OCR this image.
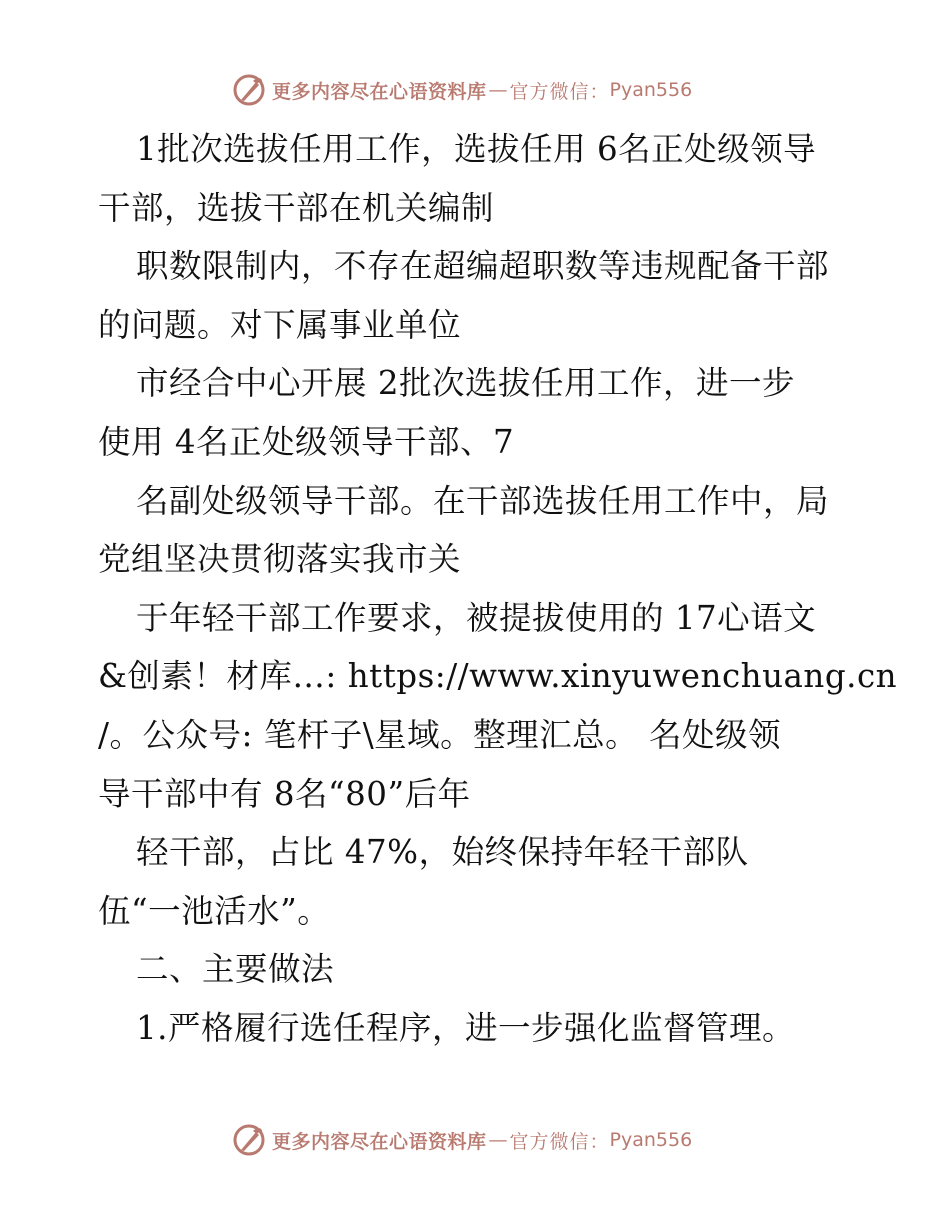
更多内容尽在心语资料库 — 官方微信： Pyan556
1批次选拔任用工作，选拔任用 6名正处级领导
干部，选拔干部在机关编制
职数限制内，不存在超编超职数等违规配备干部
的问题。对下属事业单位
市经合中心开展 2批次选拔任用工作，进一步
使用 4名正处级领导干部、7
名副处级领导干部。在干部选拔任用工作中，局
党组坚决贯彻落实我市关
于年轻干部工作要求，被提拔使用的 17心语文
&创素！材库…: https://www.xinyuwenchuang.cn
/。公众号: 笔杆子\星域。整理汇总。 名处级领
导干部中有 8名“80”后年
轻干部，占比 47%，始终保持年轻干部队
伍“一池活水”。
二、主要做法
1.严格履行选任程序，进一步强化监督管理。
更多内容尽在心语资料库 — 官方微信： Pyan556
